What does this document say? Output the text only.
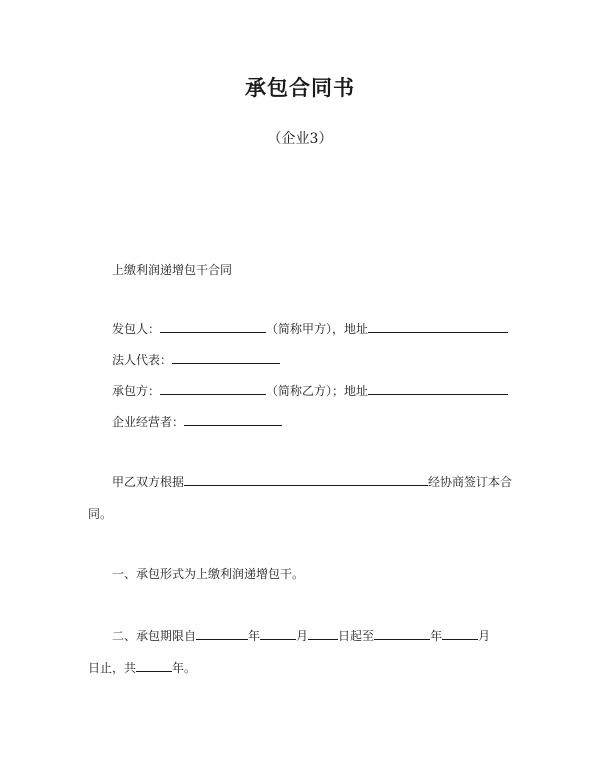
承包合同书
（企业3）
上缴利润递增包干合同
发包人：	（简称甲方），地址
法人代表：
承包方：	（简称乙方）；地址
企业经营者：
甲乙双方根据	经协商签订本合
同。
一、承包形式为上缴利润递增包干。
二、承包期限自	年	月	日起至	年	月
日止，共	年。
